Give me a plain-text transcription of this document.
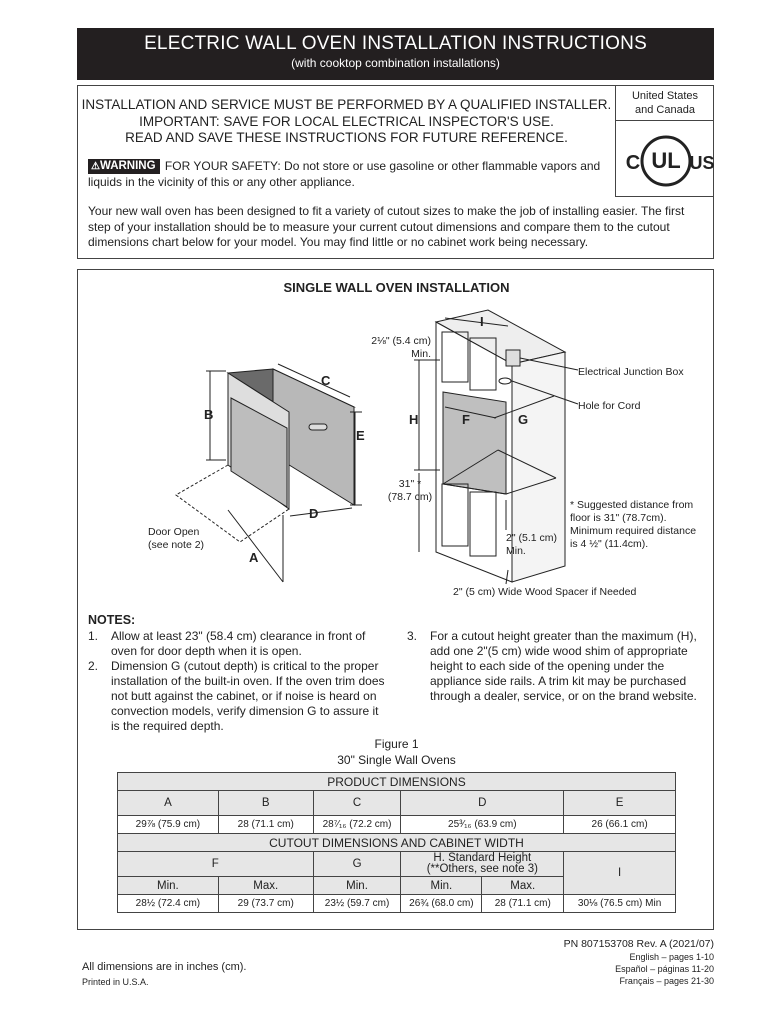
ELECTRIC WALL OVEN INSTALLATION INSTRUCTIONS
(with cooktop combination installations)
INSTALLATION AND SERVICE MUST BE PERFORMED BY A QUALIFIED INSTALLER.
IMPORTANT: SAVE FOR LOCAL ELECTRICAL INSPECTOR'S USE.
READ AND SAVE THESE INSTRUCTIONS FOR FUTURE REFERENCE.
⚠WARNING FOR YOUR SAFETY: Do not store or use gasoline or other flammable vapors and liquids in the vicinity of this or any other appliance.
United States
and Canada
C UL US
Your new wall oven has been designed to fit a variety of cutout sizes to make the job of installing easier. The first step of your installation should be to measure your current cutout dimensions and compare them to the cutout dimensions chart below for your model. You may find little or no cabinet work being necessary.
SINGLE WALL OVEN INSTALLATION
B
C
E
D
A
I
H	F	G
Door Open
(see note 2)
2⅛" (5.4 cm)
Min.
Electrical Junction Box
Hole for Cord
31" *
(78.7 cm)
2" (5.1 cm)
Min.
* Suggested distance from
floor is 31" (78.7cm).
Minimum required distance
is 4 ½" (11.4cm).
2" (5 cm) Wide Wood Spacer if Needed
NOTES:
1. Allow at least 23" (58.4 cm) clearance in front of
oven for door depth when it is open.
2. Dimension G (cutout depth) is critical to the proper
installation of the built-in oven. If the oven trim does
not butt against the cabinet, or if noise is heard on
convection models, verify dimension G to assure it
is the required depth.
3. For a cutout height greater than the maximum (H),
add one 2"(5 cm) wide wood shim of appropriate
height to each side of the opening under the
appliance side rails. A trim kit may be purchased
through a dealer, service, or on the brand website.
Figure 1
30" Single Wall Ovens
PRODUCT DIMENSIONS					
A	B	C	D		E
29⅞ (75.9 cm)	28 (71.1 cm)	28⁷⁄₁₆ (72.2 cm)	25³⁄₁₆ (63.9 cm)		26 (66.1 cm)
CUTOUT DIMENSIONS AND CABINET WIDTH					
F		G	H. Standard Height
(**Others, see note 3)		I
Min.	Max.	Min.	Min.	Max.	
28½ (72.4 cm)	29 (73.7 cm)	23½ (59.7 cm)	26¾ (68.0 cm)	28 (71.1 cm)	30⅛ (76.5 cm) Min
All dimensions are in inches (cm).
Printed in U.S.A.
PN 807153708 Rev. A (2021/07)
English – pages 1-10
Español – páginas 11-20
Français – pages 21-30
